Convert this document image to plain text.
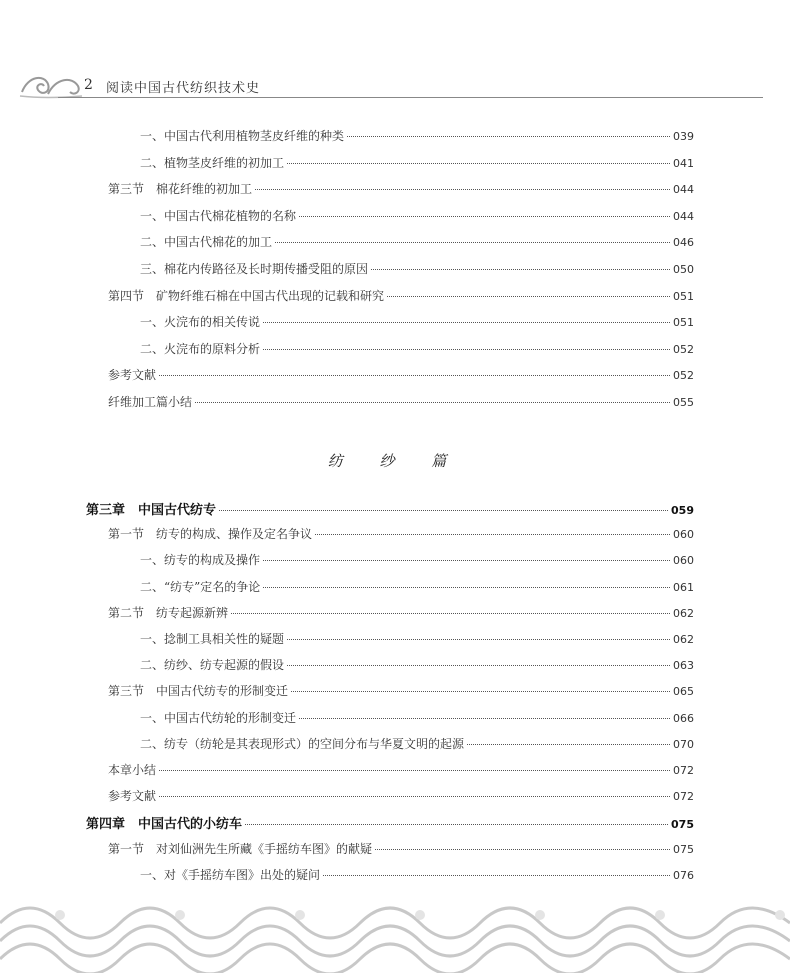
2 阅读中国古代纺织技术史
一、中国古代利用植物茎皮纤维的种类	039
二、植物茎皮纤维的初加工	041
第三节　棉花纤维的初加工	044
一、中国古代棉花植物的名称	044
二、中国古代棉花的加工	046
三、棉花内传路径及长时期传播受阻的原因	050
第四节　矿物纤维石棉在中国古代出现的记载和研究	051
一、火浣布的相关传说	051
二、火浣布的原料分析	052
参考文献	052
纤维加工篇小结	055
纺 纱 篇
第三章　中国古代纺专	059
第一节　纺专的构成、操作及定名争议	060
一、纺专的构成及操作	060
二、“纺专”定名的争论	061
第二节　纺专起源新辨	062
一、捻制工具相关性的疑题	062
二、纺纱、纺专起源的假设	063
第三节　中国古代纺专的形制变迁	065
一、中国古代纺轮的形制变迁	066
二、纺专（纺轮是其表现形式）的空间分布与华夏文明的起源	070
本章小结	072
参考文献	072
第四章　中国古代的小纺车	075
第一节　对刘仙洲先生所藏《手摇纺车图》的献疑	075
一、对《手摇纺车图》出处的疑问	076
